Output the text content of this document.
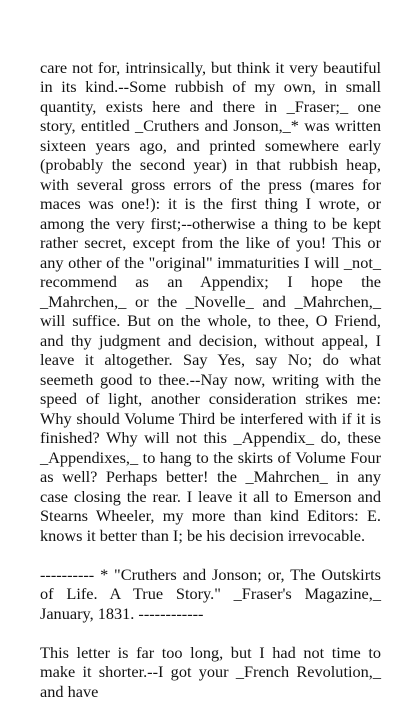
care not for, intrinsically, but think it very beautiful in its kind.--Some rubbish of my own, in small quantity, exists here and there in _Fraser;_ one story, entitled _Cruthers and Jonson,_* was written sixteen years ago, and printed somewhere early (probably the second year) in that rubbish heap, with several gross errors of the press (mares for maces was one!): it is the first thing I wrote, or among the very first;--otherwise a thing to be kept rather secret, except from the like of you! This or any other of the "original" immaturities I will _not_ recommend as an Appendix; I hope the _Mahrchen,_ or the _Novelle_ and _Mahrchen,_ will suffice. But on the whole, to thee, O Friend, and thy judgment and decision, without appeal, I leave it altogether. Say Yes, say No; do what seemeth good to thee.--Nay now, writing with the speed of light, another consideration strikes me: Why should Volume Third be interfered with if it is finished? Why will not this _Appendix_ do, these _Appendixes,_ to hang to the skirts of Volume Four as well? Perhaps better! the _Mahrchen_ in any case closing the rear. I leave it all to Emerson and Stearns Wheeler, my more than kind Editors: E. knows it better than I; be his decision irrevocable.

---------- * "Cruthers and Jonson; or, The Outskirts of Life. A True Story." _Fraser's Magazine,_ January, 1831. ------------

This letter is far too long, but I had not time to make it shorter.--I got your _French Revolution,_ and have
